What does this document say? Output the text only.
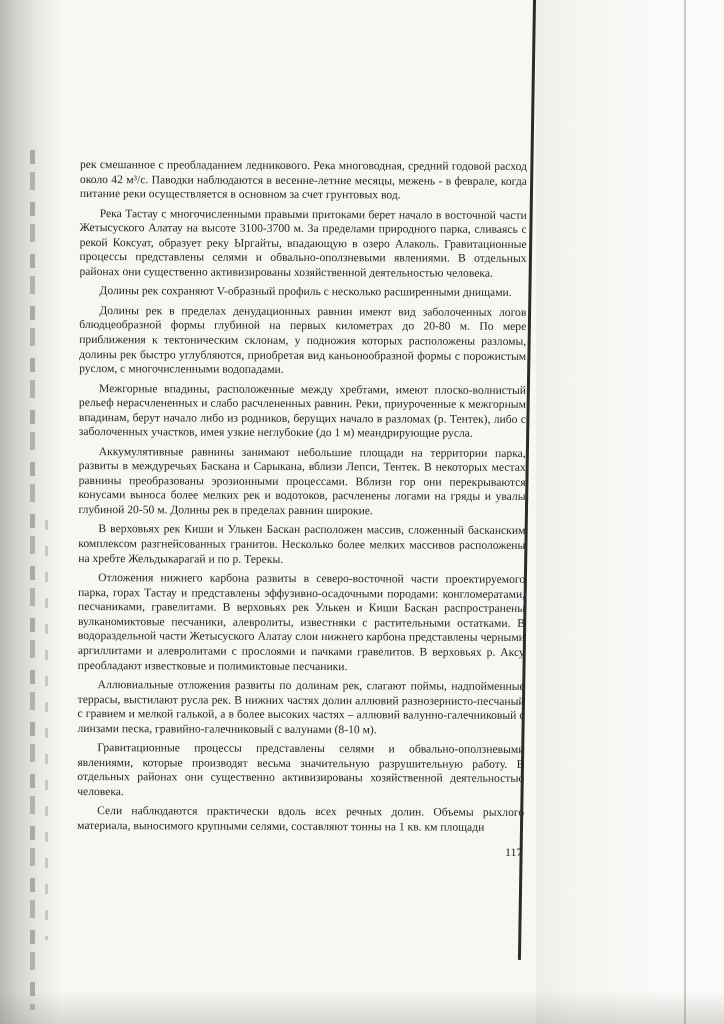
рек смешанное с преобладанием ледникового. Река многоводная, средний годовой расход около 42 м³/с. Паводки наблюдаются в весенне-летние месяцы, межень - в феврале, когда питание реки осуществляется в основном за счет грунтовых вод.

Река Тастау с многочисленными правыми притоками берет начало в восточной части Жетысуского Алатау на высоте 3100-3700 м. За пределами природного парка, сливаясь с рекой Коксуат, образует реку Ыргайты, впадающую в озеро Алаколь. Гравитационные процессы представлены селями и обвально-оползневыми явлениями. В отдельных районах они существенно активизированы хозяйственной деятельностью человека.

Долины рек сохраняют V-образный профиль с несколько расширенными днищами.

Долины рек в пределах денудационных равнин имеют вид заболоченных логов блюдцеобразной формы глубиной на первых километрах до 20-80 м. По мере приближения к тектоническим склонам, у подножия которых расположены разломы, долины рек быстро углубляются, приобретая вид каньонообразной формы с порожистым руслом, с многочисленными водопадами.

Межгорные впадины, расположенные между хребтами, имеют плоско-волнистый рельеф нерасчлененных и слабо расчлененных равнин. Реки, приуроченные к межгорным впадинам, берут начало либо из родников, берущих начало в разломах (р. Тентек), либо с заболоченных участков, имея узкие неглубокие (до 1 м) меандрирующие русла.

Аккумулятивные равнины занимают небольшие площади на территории парка, развиты в междуречьях Баскана и Сарыкана, вблизи Лепси, Тентек. В некоторых местах равнины преобразованы эрозионными процессами. Вблизи гор они перекрываются конусами выноса более мелких рек и водотоков, расчленены логами на гряды и увалы глубиной 20-50 м. Долины рек в пределах равнин широкие.

В верховьях рек Киши и Улькен Баскан расположен массив, сложенный басканским комплексом разгнейсованных гранитов. Несколько более мелких массивов расположены на хребте Жельдыкарагай и по р. Терекы.

Отложения нижнего карбона развиты в северо-восточной части проектируемого парка, горах Тастау и представлены эффузивно-осадочными породами: конгломератами, песчаниками, гравелитами. В верховьях рек Улькен и Киши Баскан распространены вулканомиктовые песчаники, алевролиты, известняки с растительными остатками. В водораздельной части Жетысуского Алатау слои нижнего карбона представлены черными аргиллитами и алевролитами с прослоями и пачками гравелитов. В верховьях р. Аксу преобладают известковые и полимиктовые песчаники.

Аллювиальные отложения развиты по долинам рек, слагают поймы, надпойменные террасы, выстилают русла рек. В нижних частях долин аллювий разнозернисто-песчаный с гравием и мелкой галькой, а в более высоких частях – аллювий валунно-галечниковый с линзами песка, гравийно-галечниковый с валунами (8-10 м).

Гравитационные процессы представлены селями и обвально-оползневыми явлениями, которые производят весьма значительную разрушительную работу. В отдельных районах они существенно активизированы хозяйственной деятельностью человека.

Сели наблюдаются практически вдоль всех речных долин. Объемы рыхлого материала, выносимого крупными селями, составляют тонны на 1 кв. км площади

117
